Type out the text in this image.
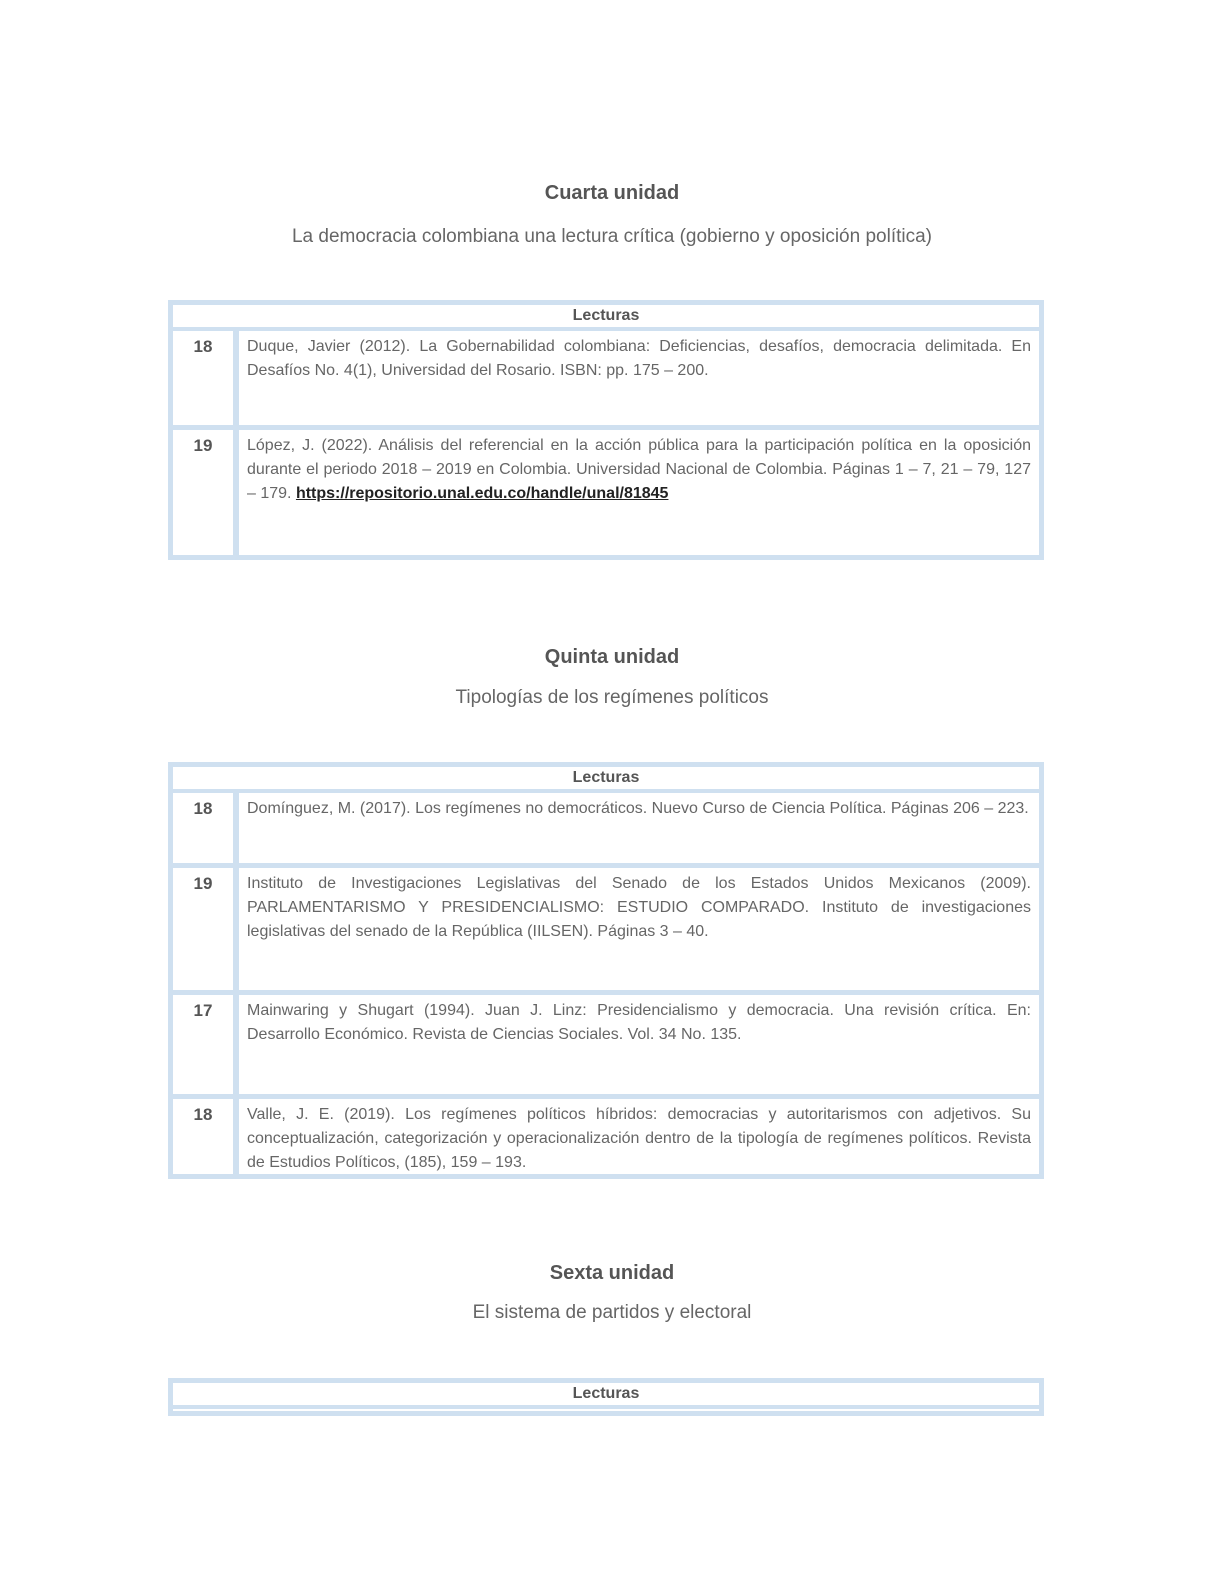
Cuarta unidad
La democracia colombiana una lectura crítica (gobierno y oposición política)
Lecturas
18	Duque, Javier (2012). La Gobernabilidad colombiana: Deficiencias, desafíos, democracia delimitada. En Desafíos No. 4(1), Universidad del Rosario. ISBN: pp. 175 – 200.
19	López, J. (2022). Análisis del referencial en la acción pública para la participación política en la oposición durante el periodo 2018 – 2019 en Colombia. Universidad Nacional de Colombia. Páginas 1 – 7, 21 – 79, 127 – 179. https://repositorio.unal.edu.co/handle/unal/81845
Quinta unidad
Tipologías de los regímenes políticos
Lecturas
18	Domínguez, M. (2017). Los regímenes no democráticos. Nuevo Curso de Ciencia Política. Páginas 206 – 223.
19	Instituto de Investigaciones Legislativas del Senado de los Estados Unidos Mexicanos (2009). PARLAMENTARISMO Y PRESIDENCIALISMO: ESTUDIO COMPARADO. Instituto de investigaciones legislativas del senado de la República (IILSEN). Páginas 3 – 40.
17	Mainwaring y Shugart (1994). Juan J. Linz: Presidencialismo y democracia. Una revisión crítica. En: Desarrollo Económico. Revista de Ciencias Sociales. Vol. 34 No. 135.
18	Valle, J. E. (2019). Los regímenes políticos híbridos: democracias y autoritarismos con adjetivos. Su conceptualización, categorización y operacionalización dentro de la tipología de regímenes políticos. Revista de Estudios Políticos, (185), 159 – 193.
Sexta unidad
El sistema de partidos y electoral
Lecturas
